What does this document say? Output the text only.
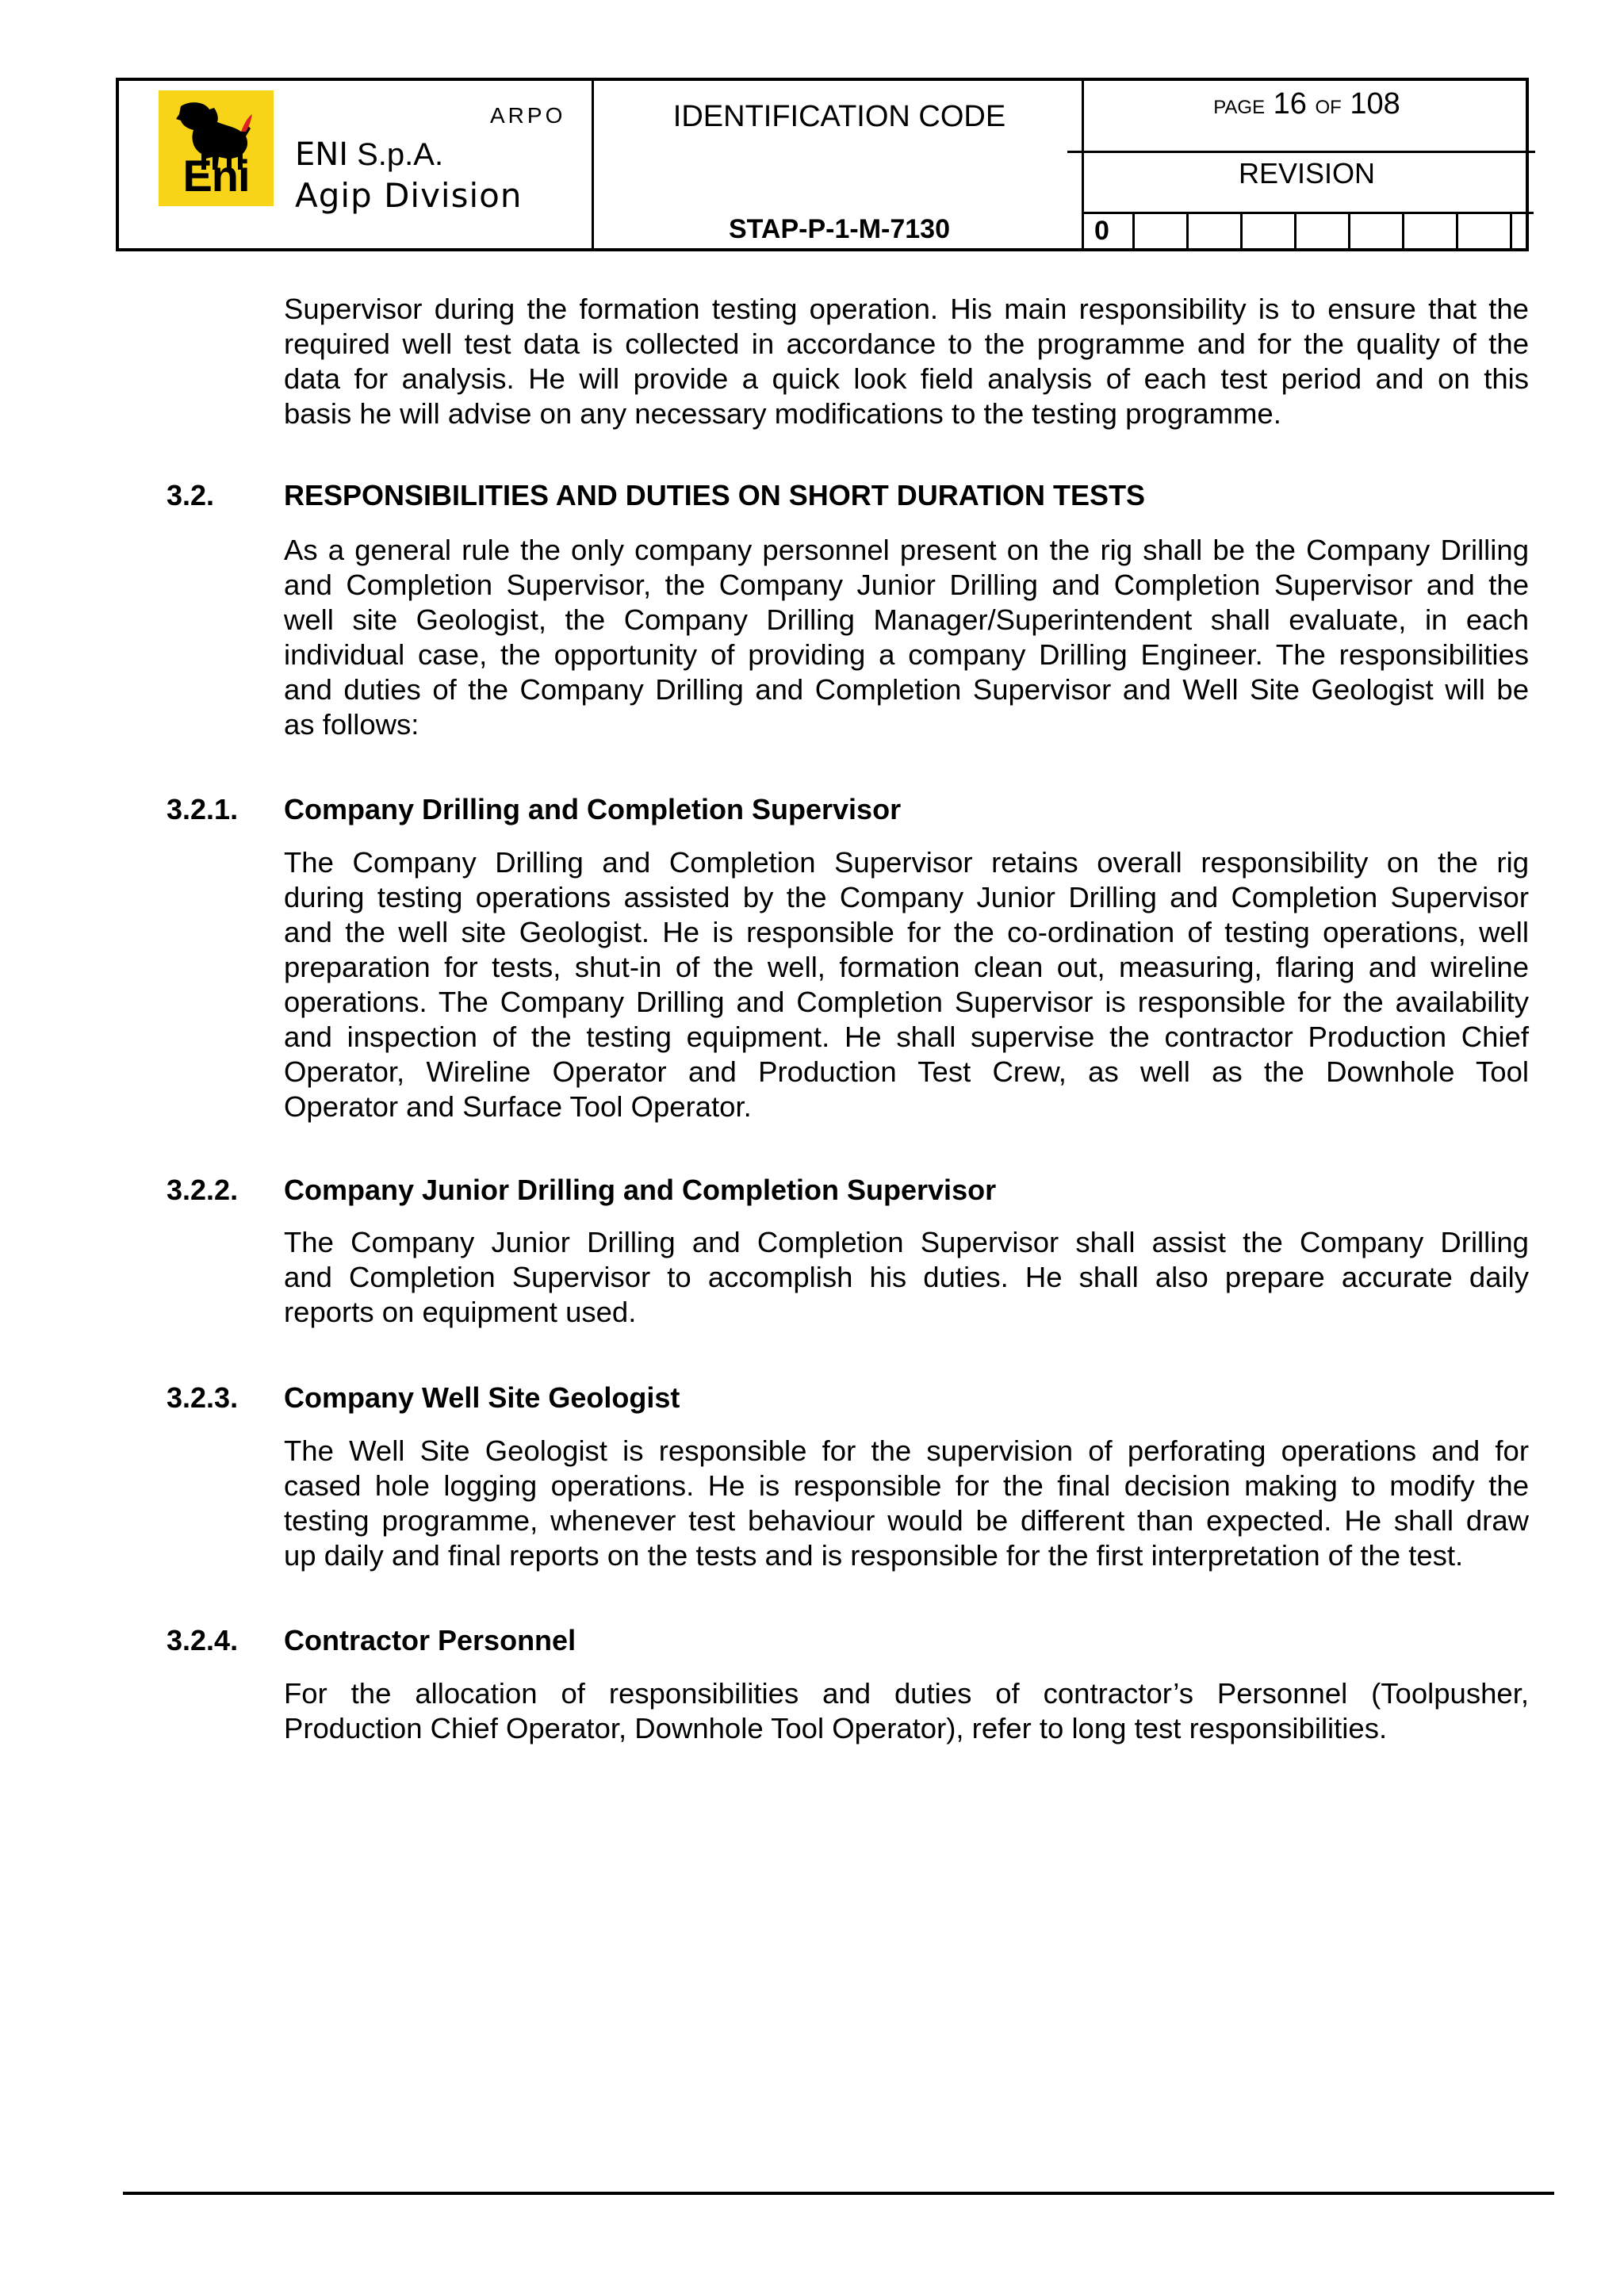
Eni
ARPO
ENI S.p.A.
Agip Division
IDENTIFICATION CODE
STAP-P-1-M-7130
PAGE 16 OF 108
REVISION
0
Supervisor during the formation testing operation. His main responsibility is to ensure that the
required well test data is collected in accordance to the programme and for the quality of the
data for analysis. He will provide a quick look field analysis of each test period and on this
basis he will advise on any necessary modifications to the testing programme.
3.2. RESPONSIBILITIES AND DUTIES ON SHORT DURATION TESTS
As a general rule the only company personnel present on the rig shall be the Company Drilling
and Completion Supervisor, the Company Junior Drilling and Completion Supervisor and the
well site Geologist, the Company Drilling Manager/Superintendent shall evaluate, in each
individual case, the opportunity of providing a company Drilling Engineer. The responsibilities
and duties of the Company Drilling and Completion Supervisor and Well Site Geologist will be
as follows:
3.2.1. Company Drilling and Completion Supervisor
The Company Drilling and Completion Supervisor retains overall responsibility on the rig
during testing operations assisted by the Company Junior Drilling and Completion Supervisor
and the well site Geologist. He is responsible for the co-ordination of testing operations, well
preparation for tests, shut-in of the well, formation clean out, measuring, flaring and wireline
operations. The Company Drilling and Completion Supervisor is responsible for the availability
and inspection of the testing equipment. He shall supervise the contractor Production Chief
Operator, Wireline Operator and Production Test Crew, as well as the Downhole Tool
Operator and Surface Tool Operator.
3.2.2. Company Junior Drilling and Completion Supervisor
The Company Junior Drilling and Completion Supervisor shall assist the Company Drilling
and Completion Supervisor to accomplish his duties. He shall also prepare accurate daily
reports on equipment used.
3.2.3. Company Well Site Geologist
The Well Site Geologist is responsible for the supervision of perforating operations and for
cased hole logging operations. He is responsible for the final decision making to modify the
testing programme, whenever test behaviour would be different than expected. He shall draw
up daily and final reports on the tests and is responsible for the first interpretation of the test.
3.2.4. Contractor Personnel
For the allocation of responsibilities and duties of contractor’s Personnel (Toolpusher,
Production Chief Operator, Downhole Tool Operator), refer to long test responsibilities.
